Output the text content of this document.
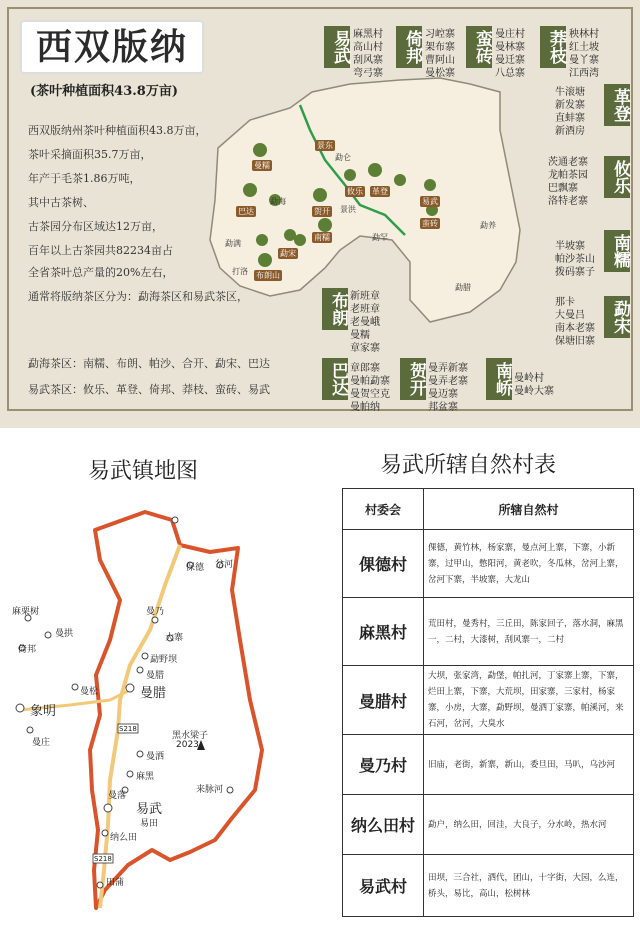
西双版纳
(茶叶种植面积43.8万亩)
西双版纳州茶叶种植面积43.8万亩，
茶叶采摘面积35.7万亩，
年产于毛茶1.86万吨，
其中古茶树、
古茶园分布区域达12万亩，
百年以上古茶园共82234亩占
全省茶叶总产量的20%左右，
通常将版纳茶区分为：勐海茶区和易武茶区，
勐海茶区：南糯、布朗、帕沙、合开、勐宋、巴达
易武茶区：攸乐、革登、倚邦、莽枝、蛮砖、易武
易武 麻黑村
高山村
刮风寨
弯弓寨
倚邦 习崆寨
架布寨
曹阿山
曼松寨
蛮砖 曼庄村
曼林寨
曼迁寨
八总寨
莽枝 秧林村
红土坡
曼丫寨
江西湾
牛滚塘
新发寨
直蚌寨
新酒房
革登
茨通老寨
龙帕茶园
巴飘寨
洛特老寨
攸乐
半坡寨
帕沙茶山
拨码寨子
南糯
那卡
大曼吕
南本老寨
保塘旧寨
勐宋
布朗 新班章
老班章
老曼峨
曼糯
章家寨
巴达 章郎寨
曼帕勐寨
曼贺空克
曼帕纳
贺开 曼弄新寨
曼弄老寨
曼迈寨
邦盆寨
南峤 曼岭村
曼岭大寨
攸乐 革登
易武
蛮砖
曼糯
巴达	贺开
南糯
布朗山
勐宋
景东
勐腊
勐仑
景洪
勐海
勐满
打洛
勐罕
勐养
易武镇地图
保德 岔河
曼乃
大寨
勐野坝
曼腊
曼腊
曼洒
麻黑
曼落
易武
易田
纳么田
田蒲
麻栗树
曼拱
倚邦
曼松
象明
曼庄
来脉河
黑水梁子
2023
S218
S218
易武所辖自然村表
村委会	所辖自然村
倮德村	倮德，黄竹林，杨家寨，曼点河上寨，下寨，小新寨，过甲山，憋阳河，黄老吹，冬瓜林，岔河上寨，岔河下寨，半坡寨，大龙山
麻黑村	荒田村，曼秀村，三丘田，陈家回子，落水洞，麻黑一，二村，大漆树，刮风寨一，二村
曼腊村	大坝，张家湾，勐堡，帕扎河，丁家寨上寨，下寨，烂田上寨，下寨，大荒坝，田家寨，三家村，杨家寨，小房，大寨，勐野坝，曼洒丁家寨，帕溪河，来石河，岔河，大臭水
曼乃村	旧庙，老街，新寨，新山，委旦田，马叭，乌沙河
纳么田村	勐户，纳么田，回洼，大良子，分水岭，热水河
易武村	田坝，三合社，洒代，团山，十字街，大园，么连，桥头，易比，高山，松树林
